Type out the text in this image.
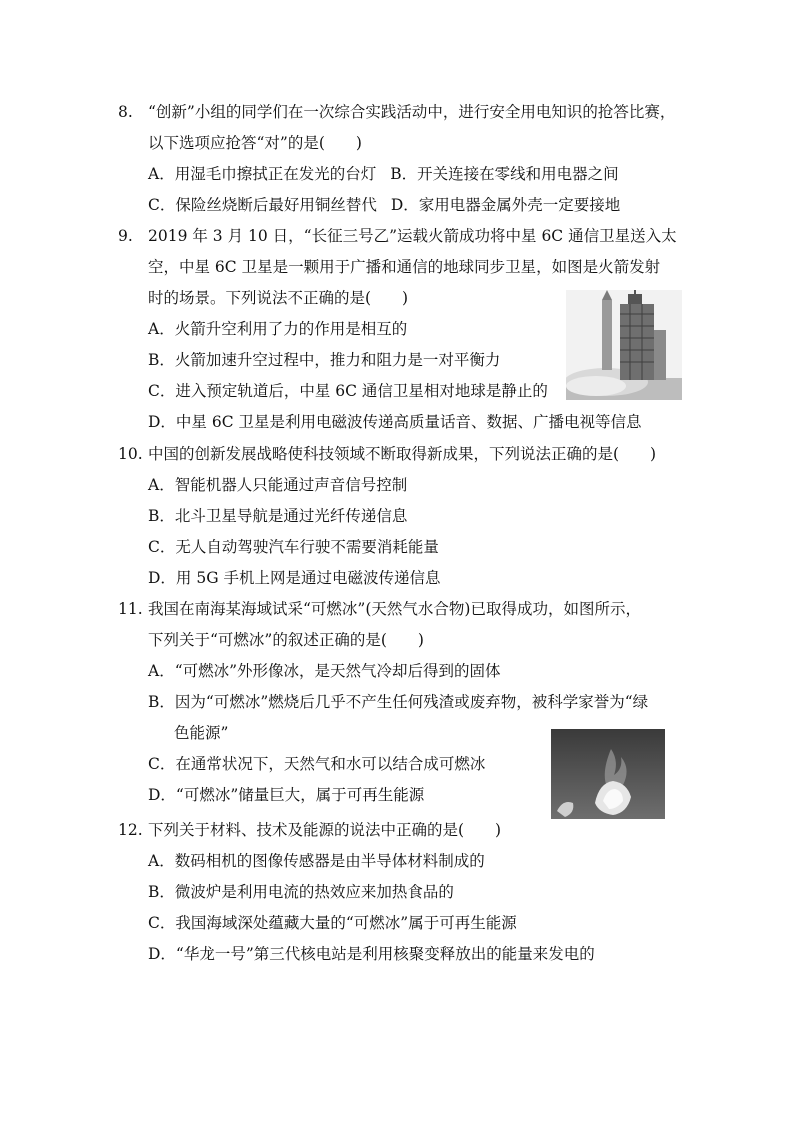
8. “创新”小组的同学们在一次综合实践活动中，进行安全用电知识的抢答比赛，
以下选项应抢答“对”的是(　　)
A．用湿毛巾擦拭正在发光的台灯 B．开关连接在零线和用电器之间
C．保险丝烧断后最好用铜丝替代 D．家用电器金属外壳一定要接地
9. 2019 年 3 月 10 日，“长征三号乙”运载火箭成功将中星 6C 通信卫星送入太
空，中星 6C 卫星是一颗用于广播和通信的地球同步卫星，如图是火箭发射
时的场景。下列说法不正确的是(　　)
A．火箭升空利用了力的作用是相互的
B．火箭加速升空过程中，推力和阻力是一对平衡力
C．进入预定轨道后，中星 6C 通信卫星相对地球是静止的
D．中星 6C 卫星是利用电磁波传递高质量话音、数据、广播电视等信息
10. 中国的创新发展战略使科技领域不断取得新成果，下列说法正确的是(　　)
A．智能机器人只能通过声音信号控制
B．北斗卫星导航是通过光纤传递信息
C．无人自动驾驶汽车行驶不需要消耗能量
D．用 5G 手机上网是通过电磁波传递信息
11. 我国在南海某海域试采“可燃冰”(天然气水合物)已取得成功，如图所示，
下列关于“可燃冰”的叙述正确的是(　　)
A．“可燃冰”外形像冰，是天然气冷却后得到的固体
B．因为“可燃冰”燃烧后几乎不产生任何残渣或废弃物，被科学家誉为“绿
色能源”
C．在通常状况下，天然气和水可以结合成可燃冰
D．“可燃冰”储量巨大，属于可再生能源
12. 下列关于材料、技术及能源的说法中正确的是(　　)
A．数码相机的图像传感器是由半导体材料制成的
B．微波炉是利用电流的热效应来加热食品的
C．我国海域深处蕴藏大量的“可燃冰”属于可再生能源
D．“华龙一号”第三代核电站是利用核聚变释放出的能量来发电的
